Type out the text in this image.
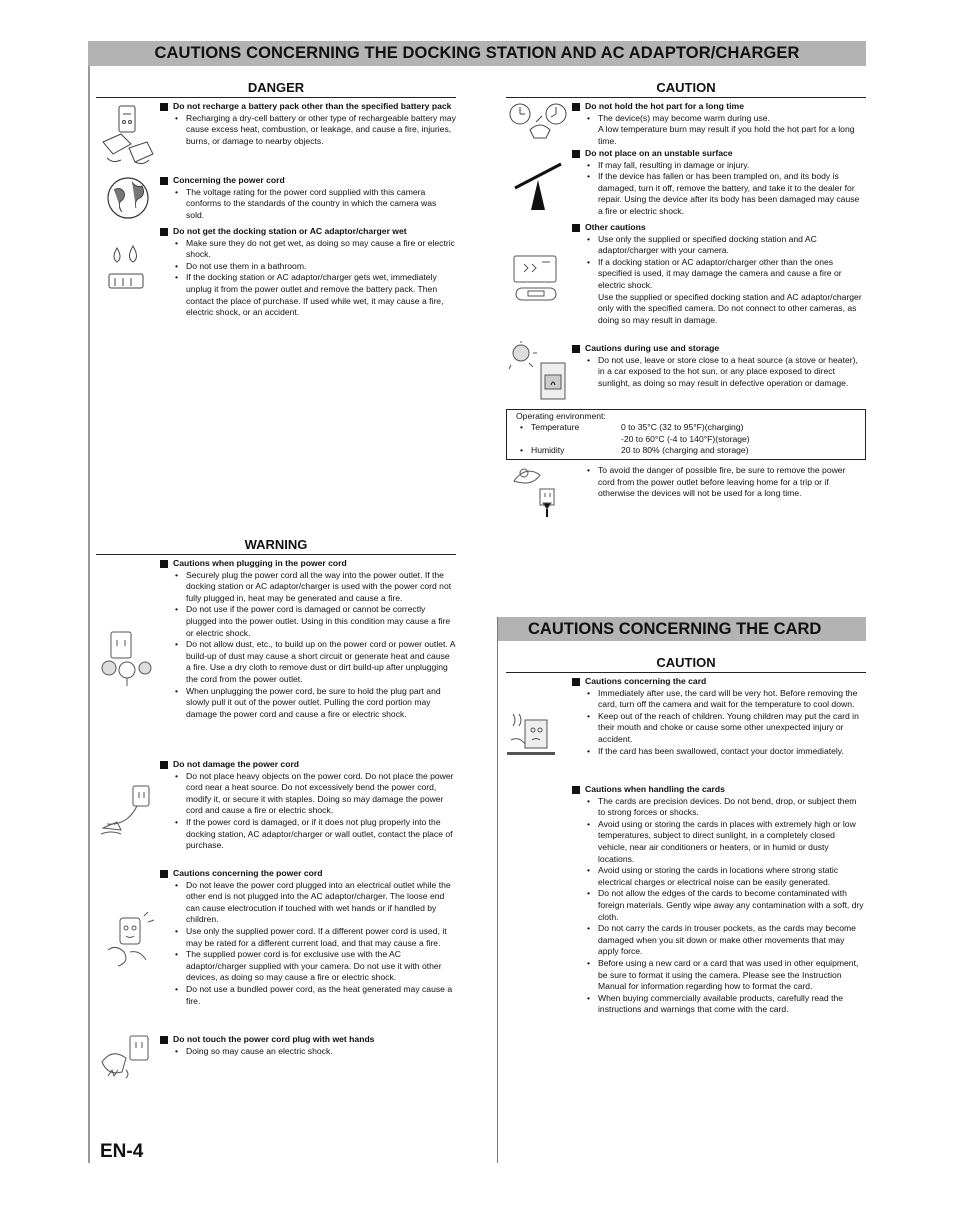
CAUTIONS CONCERNING THE DOCKING STATION AND AC ADAPTOR/CHARGER
CAUTIONS CONCERNING THE CARD
DANGER
Do not recharge a battery pack other than the specified battery pack
• Recharging a dry-cell battery or other type of rechargeable battery may cause excess heat, combustion, or leakage, and cause a fire, injuries, burns, or damage to nearby objects.
Concerning the power cord
• The voltage rating for the power cord supplied with this camera conforms to the standards of the country in which the camera was sold.
Do not get the docking station or AC adaptor/charger wet
• Make sure they do not get wet, as doing so may cause a fire or electric shock.
• Do not use them in a bathroom.
• If the docking station or AC adaptor/charger gets wet, immediately unplug it from the power outlet and remove the battery pack. Then contact the place of purchase. If used while wet, it may cause a fire, electric shock, or an accident.
CAUTION
Do not hold the hot part for a long time
• The device(s) may become warm during use.
A low temperature burn may result if you hold the hot part for a long time.
Do not place on an unstable surface
• If may fall, resulting in damage or injury.
• If the device has fallen or has been trampled on, and its body is damaged, turn it off, remove the battery, and take it to the dealer for repair. Using the device after its body has been damaged may cause a fire or electric shock.
Other cautions
• Use only the supplied or specified docking station and AC adaptor/charger with your camera.
• If a docking station or AC adaptor/charger other than the ones specified is used, it may damage the camera and cause a fire or electric shock.
Use the supplied or specified docking station and AC adaptor/charger only with the specified camera. Do not connect to other cameras, as doing so may result in damage.
Cautions during use and storage
• Do not use, leave or store close to a heat source (a stove or heater), in a car exposed to the hot sun, or any place exposed to direct sunlight, as doing so may result in defective operation or damage.
Operating environment:
• Temperature	0 to 35°C (32 to 95°F)(charging)
-20 to 60°C (-4 to 140°F)(storage)
• Humidity	20 to 80% (charging and storage)
• To avoid the danger of possible fire, be sure to remove the power cord from the power outlet before leaving home for a trip or if otherwise the devices will not be used for a long time.
WARNING
Cautions when plugging in the power cord
• Securely plug the power cord all the way into the power outlet. If the docking station or AC adaptor/charger is used with the power cord not fully plugged in, heat may be generated and cause a fire.
• Do not use if the power cord is damaged or cannot be correctly plugged into the power outlet. Using in this condition may cause a fire or electric shock.
• Do not allow dust, etc., to build up on the power cord or power outlet. A build-up of dust may cause a short circuit or generate heat and cause a fire. Use a dry cloth to remove dust or dirt build-up after unplugging the cord from the power outlet.
• When unplugging the power cord, be sure to hold the plug part and slowly pull it out of the power outlet. Pulling the cord portion may damage the power cord and cause a fire or electric shock.
Do not damage the power cord
• Do not place heavy objects on the power cord. Do not place the power cord near a heat source. Do not excessively bend the power cord, modify it, or secure it with staples. Doing so may damage the power cord and cause a fire or electric shock.
• If the power cord is damaged, or if it does not plug properly into the docking station, AC adaptor/charger or wall outlet, contact the place of purchase.
Cautions concerning the power cord
• Do not leave the power cord plugged into an electrical outlet while the other end is not plugged into the AC adaptor/charger. The loose end can cause electrocution if touched with wet hands or if handled by children.
• Use only the supplied power cord. If a different power cord is used, it may be rated for a different current load, and that may cause a fire.
• The supplied power cord is for exclusive use with the AC adaptor/charger supplied with your camera. Do not use it with other devices, as doing so may cause a fire or electric shock.
• Do not use a bundled power cord, as the heat generated may cause a fire.
Do not touch the power cord plug with wet hands
• Doing so may cause an electric shock.
CAUTION
Cautions concerning the card
• Immediately after use, the card will be very hot. Before removing the card, turn off the camera and wait for the temperature to cool down.
• Keep out of the reach of children. Young children may put the card in their mouth and choke or cause some other unexpected injury or accident.
• If the card has been swallowed, contact your doctor immediately.
Cautions when handling the cards
• The cards are precision devices. Do not bend, drop, or subject them to strong forces or shocks.
• Avoid using or storing the cards in places with extremely high or low temperatures, subject to direct sunlight, in a completely closed vehicle, near air conditioners or heaters, or in humid or dusty locations.
• Avoid using or storing the cards in locations where strong static electrical charges or electrical noise can be easily generated.
• Do not allow the edges of the cards to become contaminated with foreign materials. Gently wipe away any contamination with a soft, dry cloth.
• Do not carry the cards in trouser pockets, as the cards may become damaged when you sit down or make other movements that may apply force.
• Before using a new card or a card that was used in other equipment, be sure to format it using the camera. Please see the Instruction Manual for information regarding how to format the card.
• When buying commercially available products, carefully read the instructions and warnings that come with the card.
EN-4
